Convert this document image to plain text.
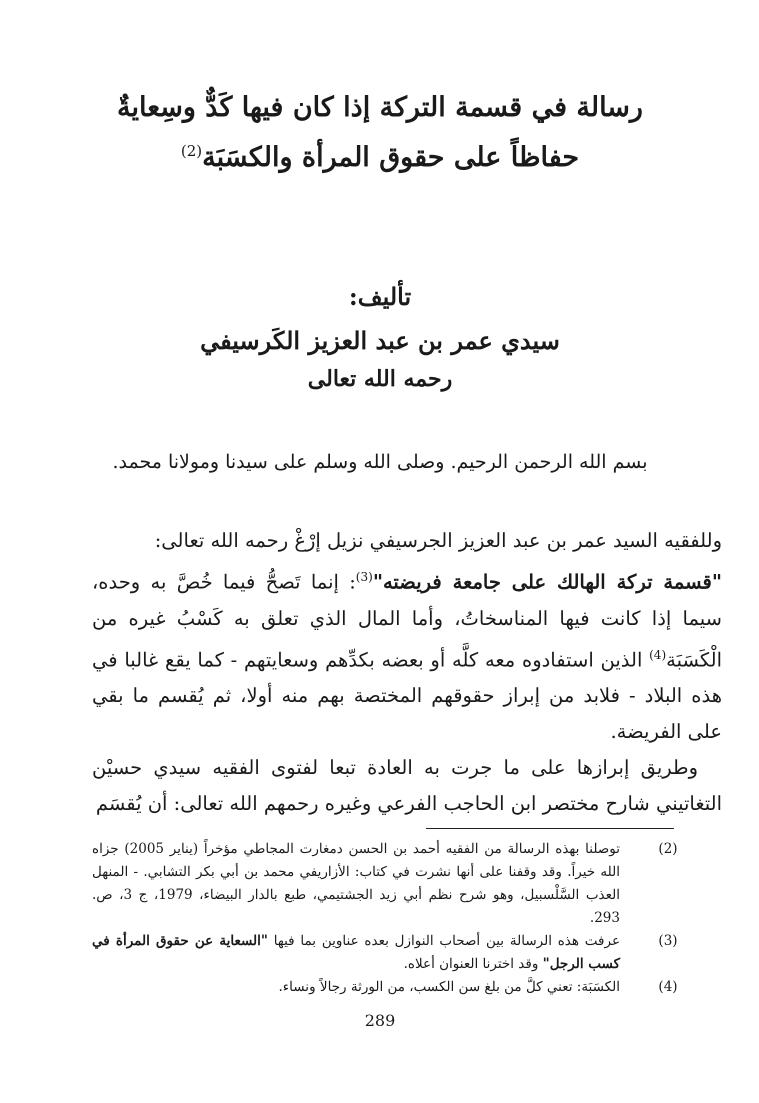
رسالة في قسمة التركة إذا كان فيها كَدٌّ وسِعايةٌ
حفاظاً على حقوق المرأة والكسَبَة$^{(2)}$
تأليف:
سيدي عمر بن عبد العزيز الكَرسيفي
رحمه الله تعالى
بسم الله الرحمن الرحيم. وصلى الله وسلم على سيدنا ومولانا محمد.

وللفقيه السيد عمر بن عبد العزيز الجرسيفي نزيل إرْغْ رحمه الله تعالى:

"قسمة تركة الهالك على جامعة فريضته"$^{(3)}$: إنما تَصحُّ فيما خُصَّ به وحده، سيما إذا كانت فيها المناسخاتُ، وأما المال الذي تعلق به كَسْبُ غيره من الْكَسَبَة$^{(4)}$ الذين استفادوه معه كلَّه أو بعضه بكدِّهم وسعايتهم - كما يقع غالبا في هذه البلاد - فلابد من إبراز حقوقهم المختصة بهم منه أولا، ثم يُقسم ما بقي على الفريضة.

وطريق إبرازها على ما جرت به العادة تبعا لفتوى الفقيه سيدي حسيْن التغاتيني شارح مختصر ابن الحاجب الفرعي وغيره رحمهم الله تعالى: أن يُقسَم

(2)
توصلنا بهذه الرسالة من الفقيه أحمد بن الحسن دمغارت المجاطي مؤخراً (يناير 2005) جزاه الله خيراً. وقد وقفنا على أنها نشرت في كتاب: الأزاريفي محمد بن أبي بكر التشابي. - المنهل العذب السَّلْسبيل، وهو شرح نظم أبي زيد الجشتيمي، طبع بالدار البيضاء، 1979، ج 3، ص. 293.
(3)
عرفت هذه الرسالة بين أصحاب النوازل بعده عناوين بما فيها "السعاية عن حقوق المرأة في كسب الرجل" وقد اخترنا العنوان أعلاه.
(4)
الكسَبَة: تعني كلَّ من بلغ سن الكسب، من الورثة رجالاً ونساء.
289
